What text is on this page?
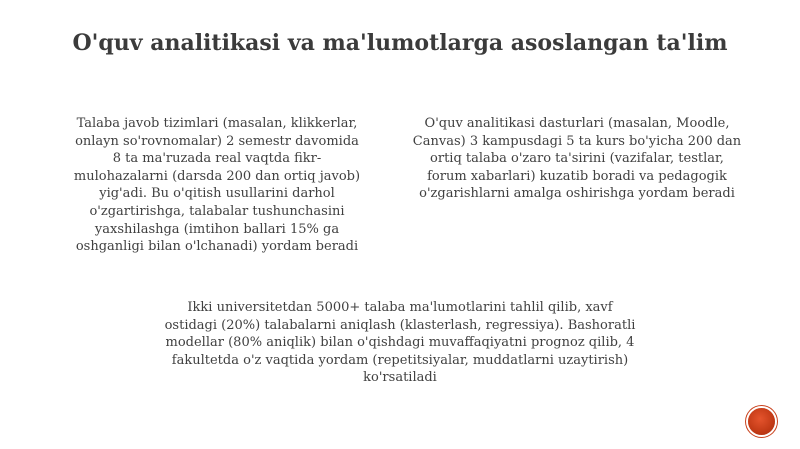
O'quv analitikasi va ma'lumotlarga asoslangan ta'lim
Talaba javob tizimlari (masalan, klikkerlar,
onlayn so'rovnomalar) 2 semestr davomida
8 ta ma'ruzada real vaqtda fikr-
mulohazalarni (darsda 200 dan ortiq javob)
yig'adi. Bu o'qitish usullarini darhol
o'zgartirishga, talabalar tushunchasini
yaxshilashga (imtihon ballari 15% ga
oshganligi bilan o'lchanadi) yordam beradi
O'quv analitikasi dasturlari (masalan, Moodle,
Canvas) 3 kampusdagi 5 ta kurs bo'yicha 200 dan
ortiq talaba o'zaro ta'sirini (vazifalar, testlar,
forum xabarlari) kuzatib boradi va pedagogik
o'zgarishlarni amalga oshirishga yordam beradi
Ikki universitetdan 5000+ talaba ma'lumotlarini tahlil qilib, xavf
ostidagi (20%) talabalarni aniqlash (klasterlash, regressiya). Bashoratli
modellar (80% aniqlik) bilan o'qishdagi muvaffaqiyatni prognoz qilib, 4
fakultetda o'z vaqtida yordam (repetitsiyalar, muddatlarni uzaytirish)
ko'rsatiladi
